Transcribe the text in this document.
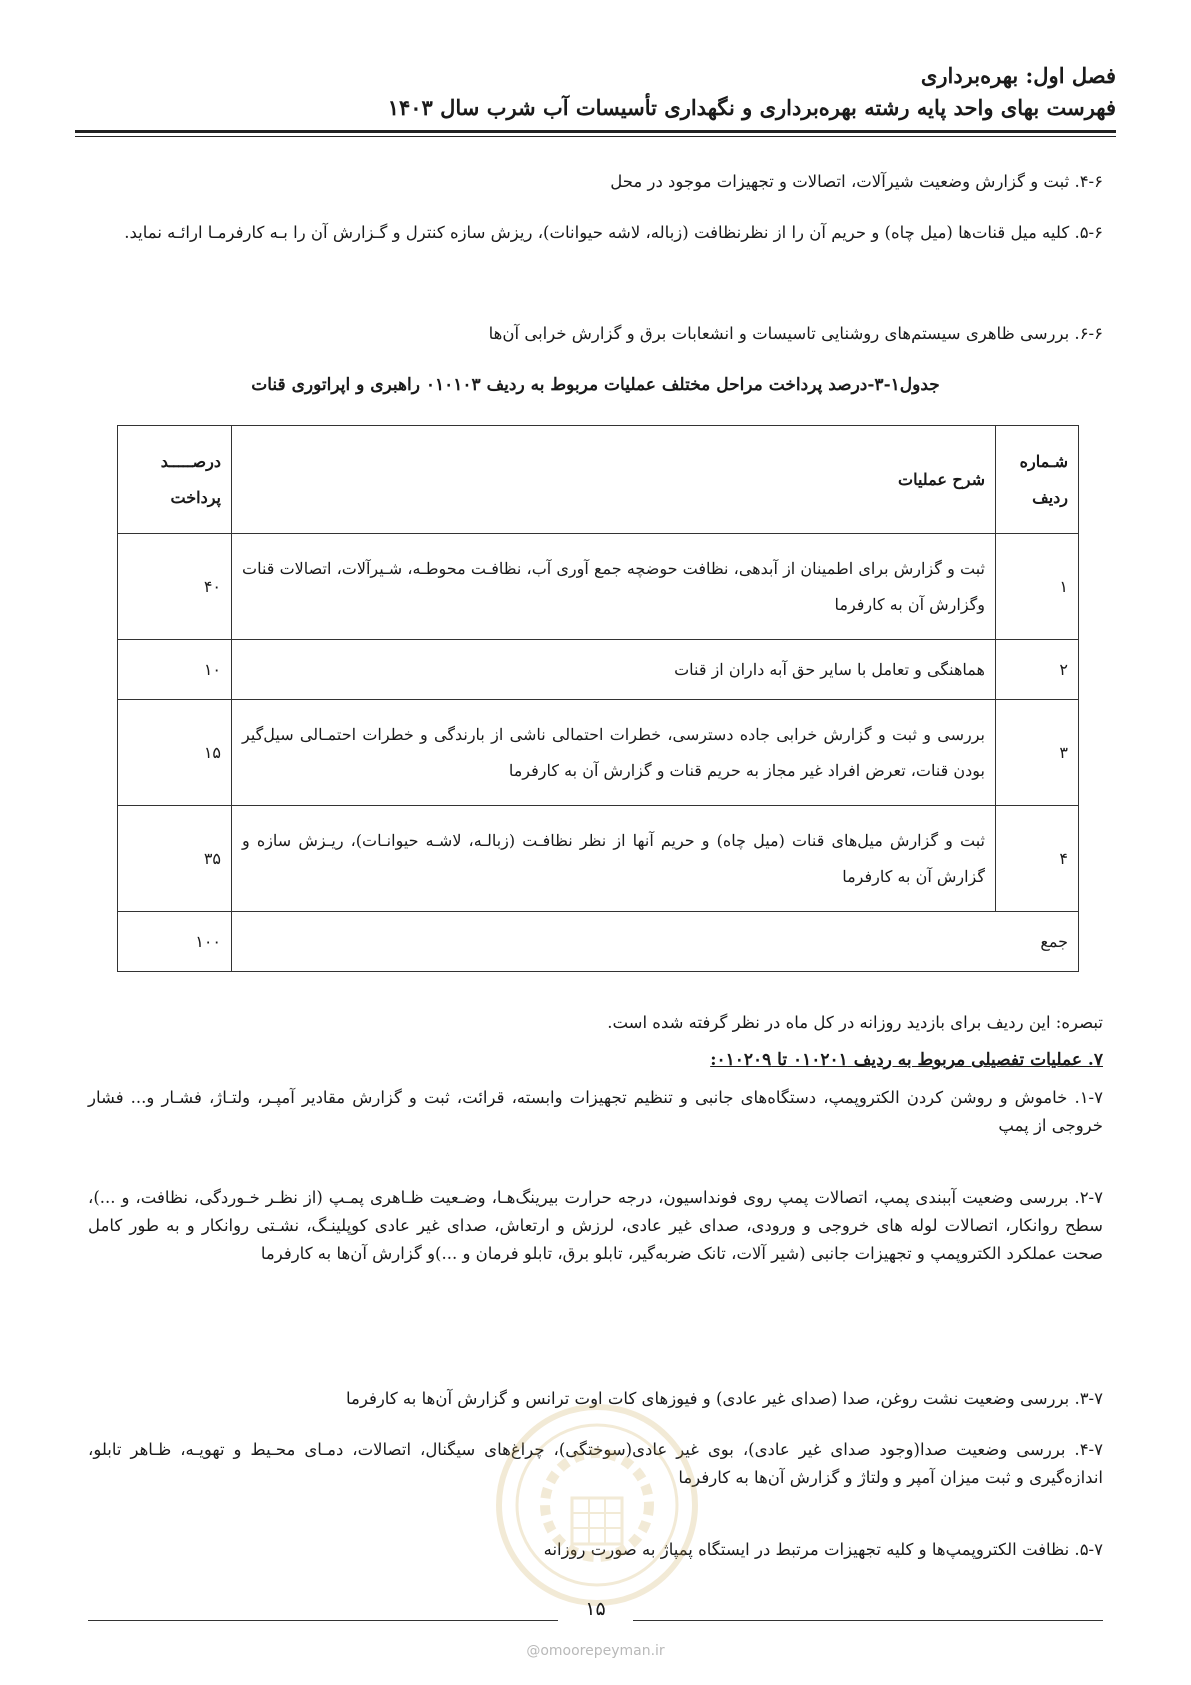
فصل اول: بهره‌برداری
فهرست بهای واحد پایه رشته بهره‌برداری و نگهداری تأسیسات آب شرب سال ۱۴۰۳
۴-۶. ثبت و گزارش وضعیت شیرآلات، اتصالات و تجهیزات موجود در محل
۵-۶. کلیه میل قنات‌ها (میل چاه) و حریم آن را از نظرنظافت (زباله، لاشه حیوانات)، ریزش سازه کنترل و گـزارش آن را بـه کارفرمـا ارائـه نماید.
۶-۶. بررسی ظاهری سیستم‌های روشنایی تاسیسات و انشعابات برق و گزارش خرابی آن‌ها
جدول۱-۳-درصد پرداخت مراحل مختلف عملیات مربوط به ردیف ۰۱۰۱۰۳ راهبری و اپراتوری قنات
شـماره ردیف	شرح عملیات	درصـــــد پرداخت
۱	ثبت و گزارش برای اطمینان از آبدهی، نظافت حوضچه جمع آوری آب، نظافـت محوطـه، شـیرآلات، اتصالات قنات وگزارش آن به کارفرما	۴۰
۲	هماهنگی و تعامل با سایر حق آبه داران از قنات	۱۰
۳	بررسی و ثبت و گزارش خرابی جاده دسترسی، خطرات احتمالی ناشی از بارندگی و خطرات احتمـالی سیل‌گیر بودن قنات، تعرض افراد غیر مجاز به حریم قنات و گزارش آن به کارفرما	۱۵
۴	ثبت و گزارش میل‌های قنات (میل چاه) و حریم آنها از نظر نظافـت (زبالـه، لاشـه حیوانـات)، ریـزش سازه و گزارش آن به کارفرما	۳۵
جمع		۱۰۰
تبصره: این ردیف برای بازدید روزانه در کل ماه در نظر گرفته شده است.
۷. عملیات تفصیلی مربوط به ردیف ۰۱۰۲۰۱ تا ۰۱۰۲۰۹:
۱-۷. خاموش و روشن کردن الکتروپمپ، دستگاه‌های جانبی و تنظیم تجهیزات وابسته، قرائت، ثبت و گزارش مقادیر آمپـر، ولتـاژ، فشـار و... فشار خروجی از پمپ
۲-۷. بررسی وضعیت آببندی پمپ، اتصالات پمپ روی فونداسیون، درجه حرارت بیرینگ‌هـا، وضـعیت ظـاهری پمـپ (از نظـر خـوردگی، نظافت، و ...)، سطح روانکار، اتصالات لوله های خروجی و ورودی، صدای غیر عادی، لرزش و ارتعاش، صدای غیر عادی کوپلینـگ، نشـتی روانکار و به طور کامل صحت عملکرد الکتروپمپ و تجهیزات جانبی (شیر آلات، تانک ضربه‌گیر، تابلو برق، تابلو فرمان و ...)و گزارش آن‌ها به کارفرما
۳-۷. بررسی وضعیت نشت روغن، صدا (صدای غیر عادی) و فیوزهای کات اوت ترانس و گزارش آن‌ها به کارفرما
۴-۷. بررسی وضعیت صدا(وجود صدای غیر عادی)، بوی غیر عادی(سوختگی)، چراغ‌های سیگنال، اتصالات، دمـای محـیط و تهویـه، ظـاهر تابلو، اندازه‌گیری و ثبت میزان آمپر و ولتاژ و گزارش آن‌ها به کارفرما
۵-۷. نظافت الکتروپمپ‌ها و کلیه تجهیزات مرتبط در ایستگاه پمپاژ به صورت روزانه
۱۵
@omoorepeyman.ir
